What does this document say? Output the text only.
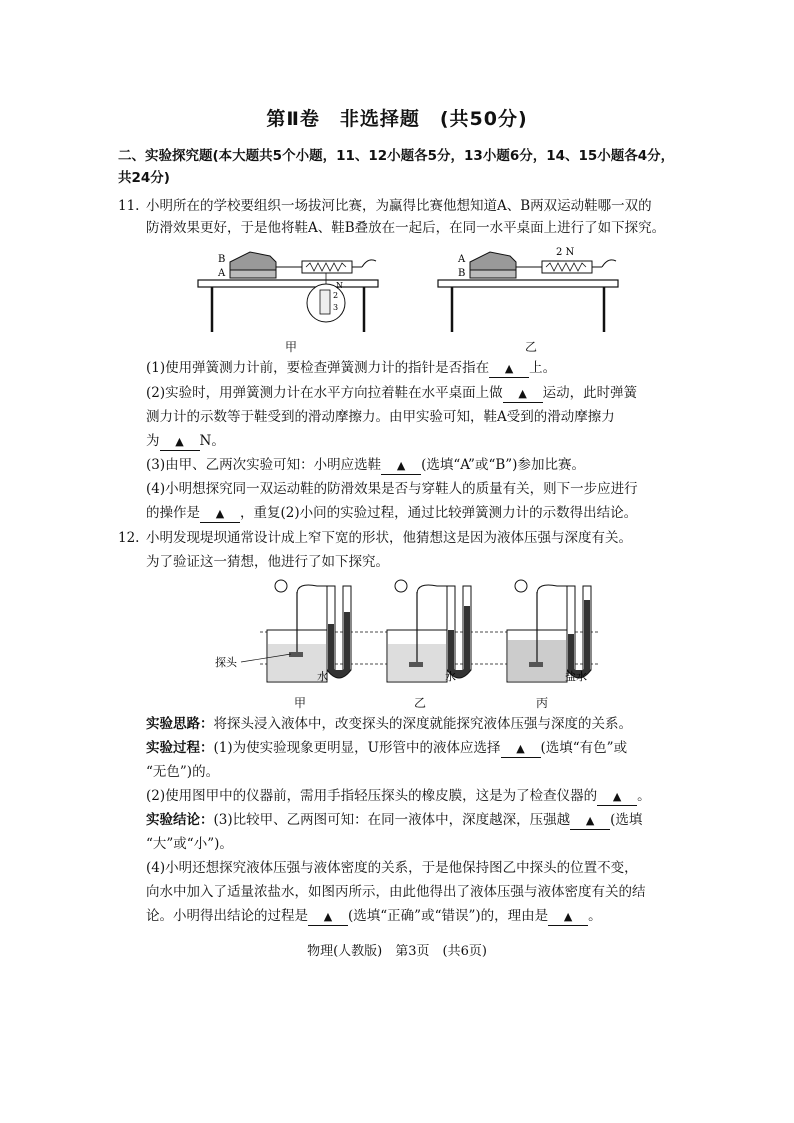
第Ⅱ卷　非选择题　(共50分)
二、实验探究题(本大题共5个小题，11、12小题各5分，13小题6分，14、15小题各4分，
共24分)
11. 小明所在的学校要组织一场拔河比赛，为赢得比赛他想知道A、B两双运动鞋哪一双的
防滑效果更好，于是他将鞋A、鞋B叠放在一起后，在同一水平桌面上进行了如下探究。
B
A
2
3
N
A
B
2 N
甲	乙
(1)使用弹簧测力计前，要检查弹簧测力计的指针是否指在 ▲ 上。
(2)实验时，用弹簧测力计在水平方向拉着鞋在水平桌面上做 ▲ 运动，此时弹簧
测力计的示数等于鞋受到的滑动摩擦力。由甲实验可知，鞋A受到的滑动摩擦力
为 ▲ N。
(3)由甲、乙两次实验可知：小明应选鞋 ▲ (选填“A”或“B”)参加比赛。
(4)小明想探究同一双运动鞋的防滑效果是否与穿鞋人的质量有关，则下一步应进行
的操作是 ▲ ，重复(2)小问的实验过程，通过比较弹簧测力计的示数得出结论。
12. 小明发现堤坝通常设计成上窄下宽的形状，他猜想这是因为液体压强与深度有关。
为了验证这一猜想，他进行了如下探究。
探头
水	水	盐水
甲	乙	丙
实验思路：将探头浸入液体中，改变探头的深度就能探究液体压强与深度的关系。
实验过程：(1)为使实验现象更明显，U形管中的液体应选择 ▲ (选填“有色”或
“无色”)的。
(2)使用图甲中的仪器前，需用手指轻压探头的橡皮膜，这是为了检查仪器的 ▲ 。
实验结论：(3)比较甲、乙两图可知：在同一液体中，深度越深，压强越 ▲ (选填
“大”或“小”)。
(4)小明还想探究液体压强与液体密度的关系，于是他保持图乙中探头的位置不变，
向水中加入了适量浓盐水，如图丙所示，由此他得出了液体压强与液体密度有关的结
论。小明得出结论的过程是 ▲ (选填“正确”或“错误”)的，理由是 ▲ 。
物理(人教版)　第3页　(共6页)
